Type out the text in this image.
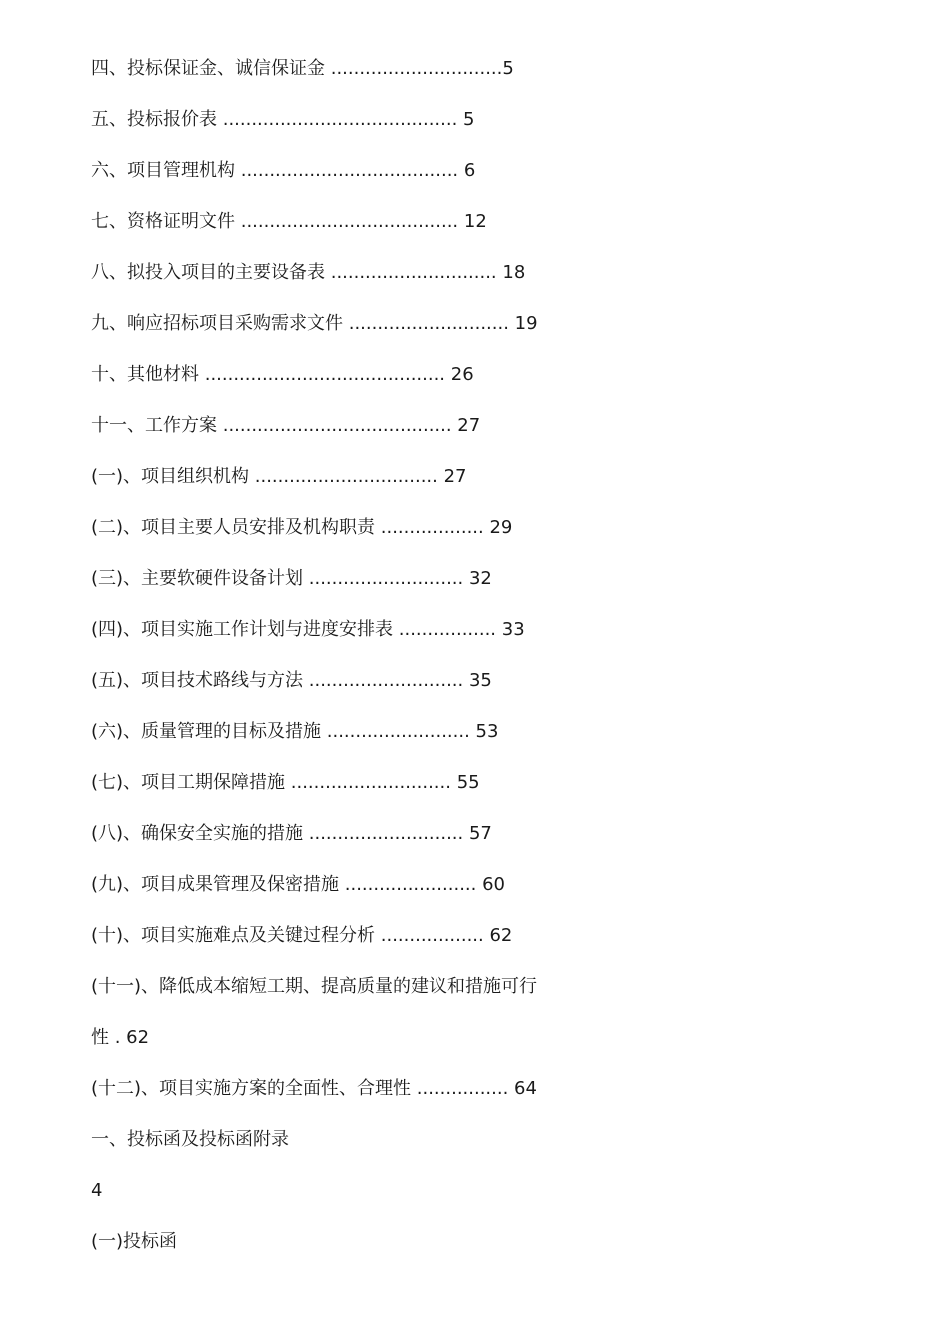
四、投标保证金、诚信保证金 ..............................5
五、投标报价表 ......................................... 5
六、项目管理机构 ...................................... 6
七、资格证明文件 ...................................... 12
八、拟投入项目的主要设备表 ............................. 18
九、响应招标项目采购需求文件 ............................ 19
十、其他材料 .......................................... 26
十一、工作方案 ........................................ 27
(一)、项目组织机构 ................................ 27
(二)、项目主要人员安排及机构职责 .................. 29
(三)、主要软硬件设备计划 ........................... 32
(四)、项目实施工作计划与进度安排表 ................. 33
(五)、项目技术路线与方法 ........................... 35
(六)、质量管理的目标及措施 ......................... 53
(七)、项目工期保障措施 ............................ 55
(八)、确保安全实施的措施 ........................... 57
(九)、项目成果管理及保密措施 ....................... 60
(十)、项目实施难点及关键过程分析 .................. 62
(十一)、降低成本缩短工期、提高质量的建议和措施可行
性 . 62
(十二)、项目实施方案的全面性、合理性 ................ 64
一、投标函及投标函附录
4
(一)投标函
